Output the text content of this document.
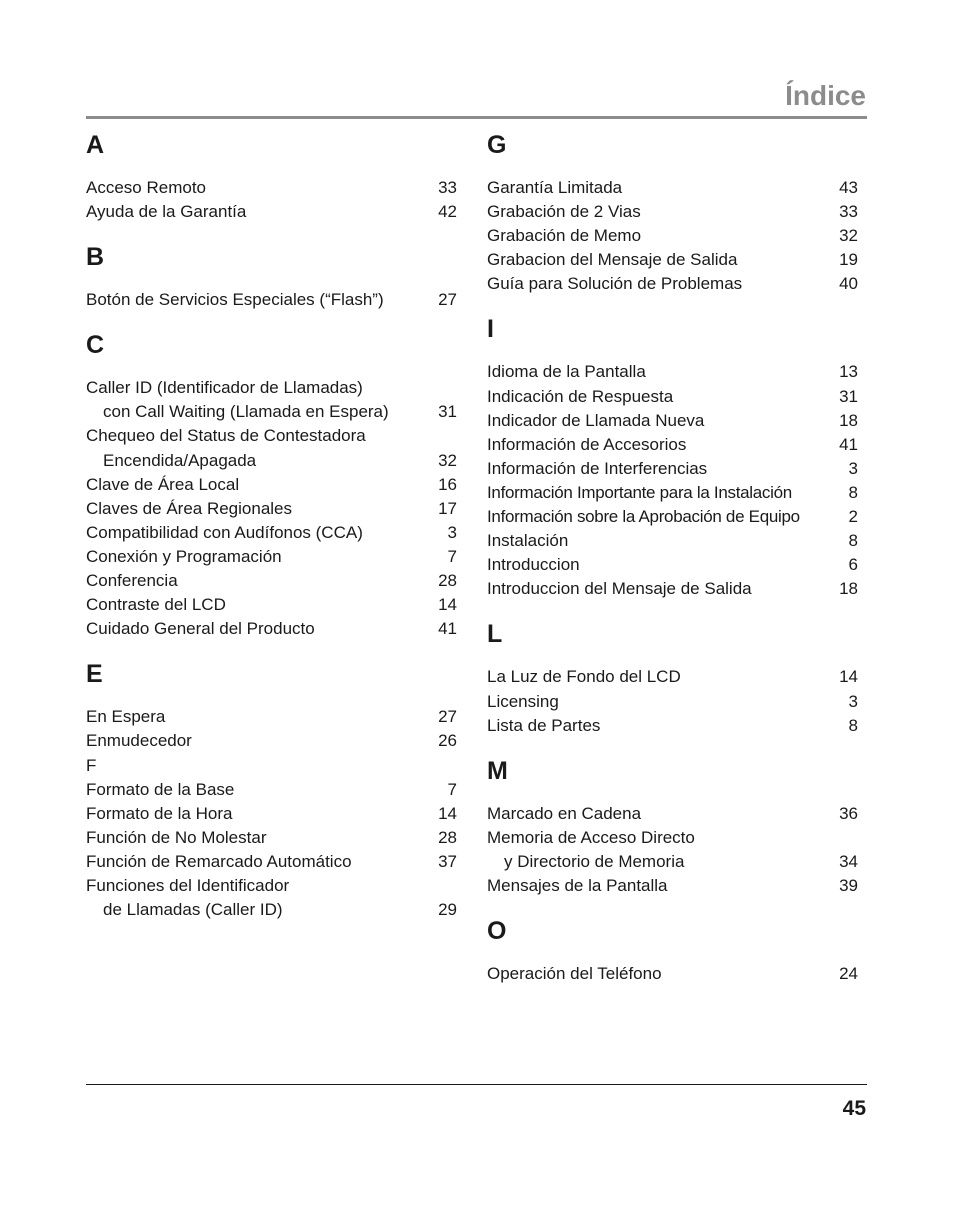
Índice
A
Acceso Remoto	33
Ayuda de la Garantía	42
B
Botón de Servicios Especiales (“Flash”)	27
C
Caller ID (Identificador de Llamadas)
con Call Waiting (Llamada en Espera)	31
Chequeo del Status de Contestadora
Encendida/Apagada	32
Clave de Área Local	16
Claves de Área Regionales	17
Compatibilidad con Audífonos (CCA)	3
Conexión y Programación	7
Conferencia	28
Contraste del LCD	14
Cuidado General del Producto	41
E
En Espera	27
Enmudecedor	26
F
Formato de la Base	7
Formato de la Hora	14
Función de No Molestar	28
Función de Remarcado Automático	37
Funciones del Identificador
de Llamadas (Caller ID)	29
G
Garantía Limitada	43
Grabación de 2 Vias	33
Grabación de Memo	32
Grabacion del Mensaje de Salida	19
Guía para Solución de Problemas	40
I
Idioma de la Pantalla	13
Indicación de Respuesta	31
Indicador de Llamada Nueva	18
Información de Accesorios	41
Información de Interferencias	3
Información Importante para la Instalación	8
Información sobre la Aprobación de Equipo	2
Instalación	8
Introduccion	6
Introduccion del Mensaje de Salida	18
L
La Luz de Fondo del LCD	14
Licensing	3
Lista de Partes	8
M
Marcado en Cadena	36
Memoria de Acceso Directo
y Directorio de Memoria	34
Mensajes de la Pantalla	39
O
Operación del Teléfono	24
45
